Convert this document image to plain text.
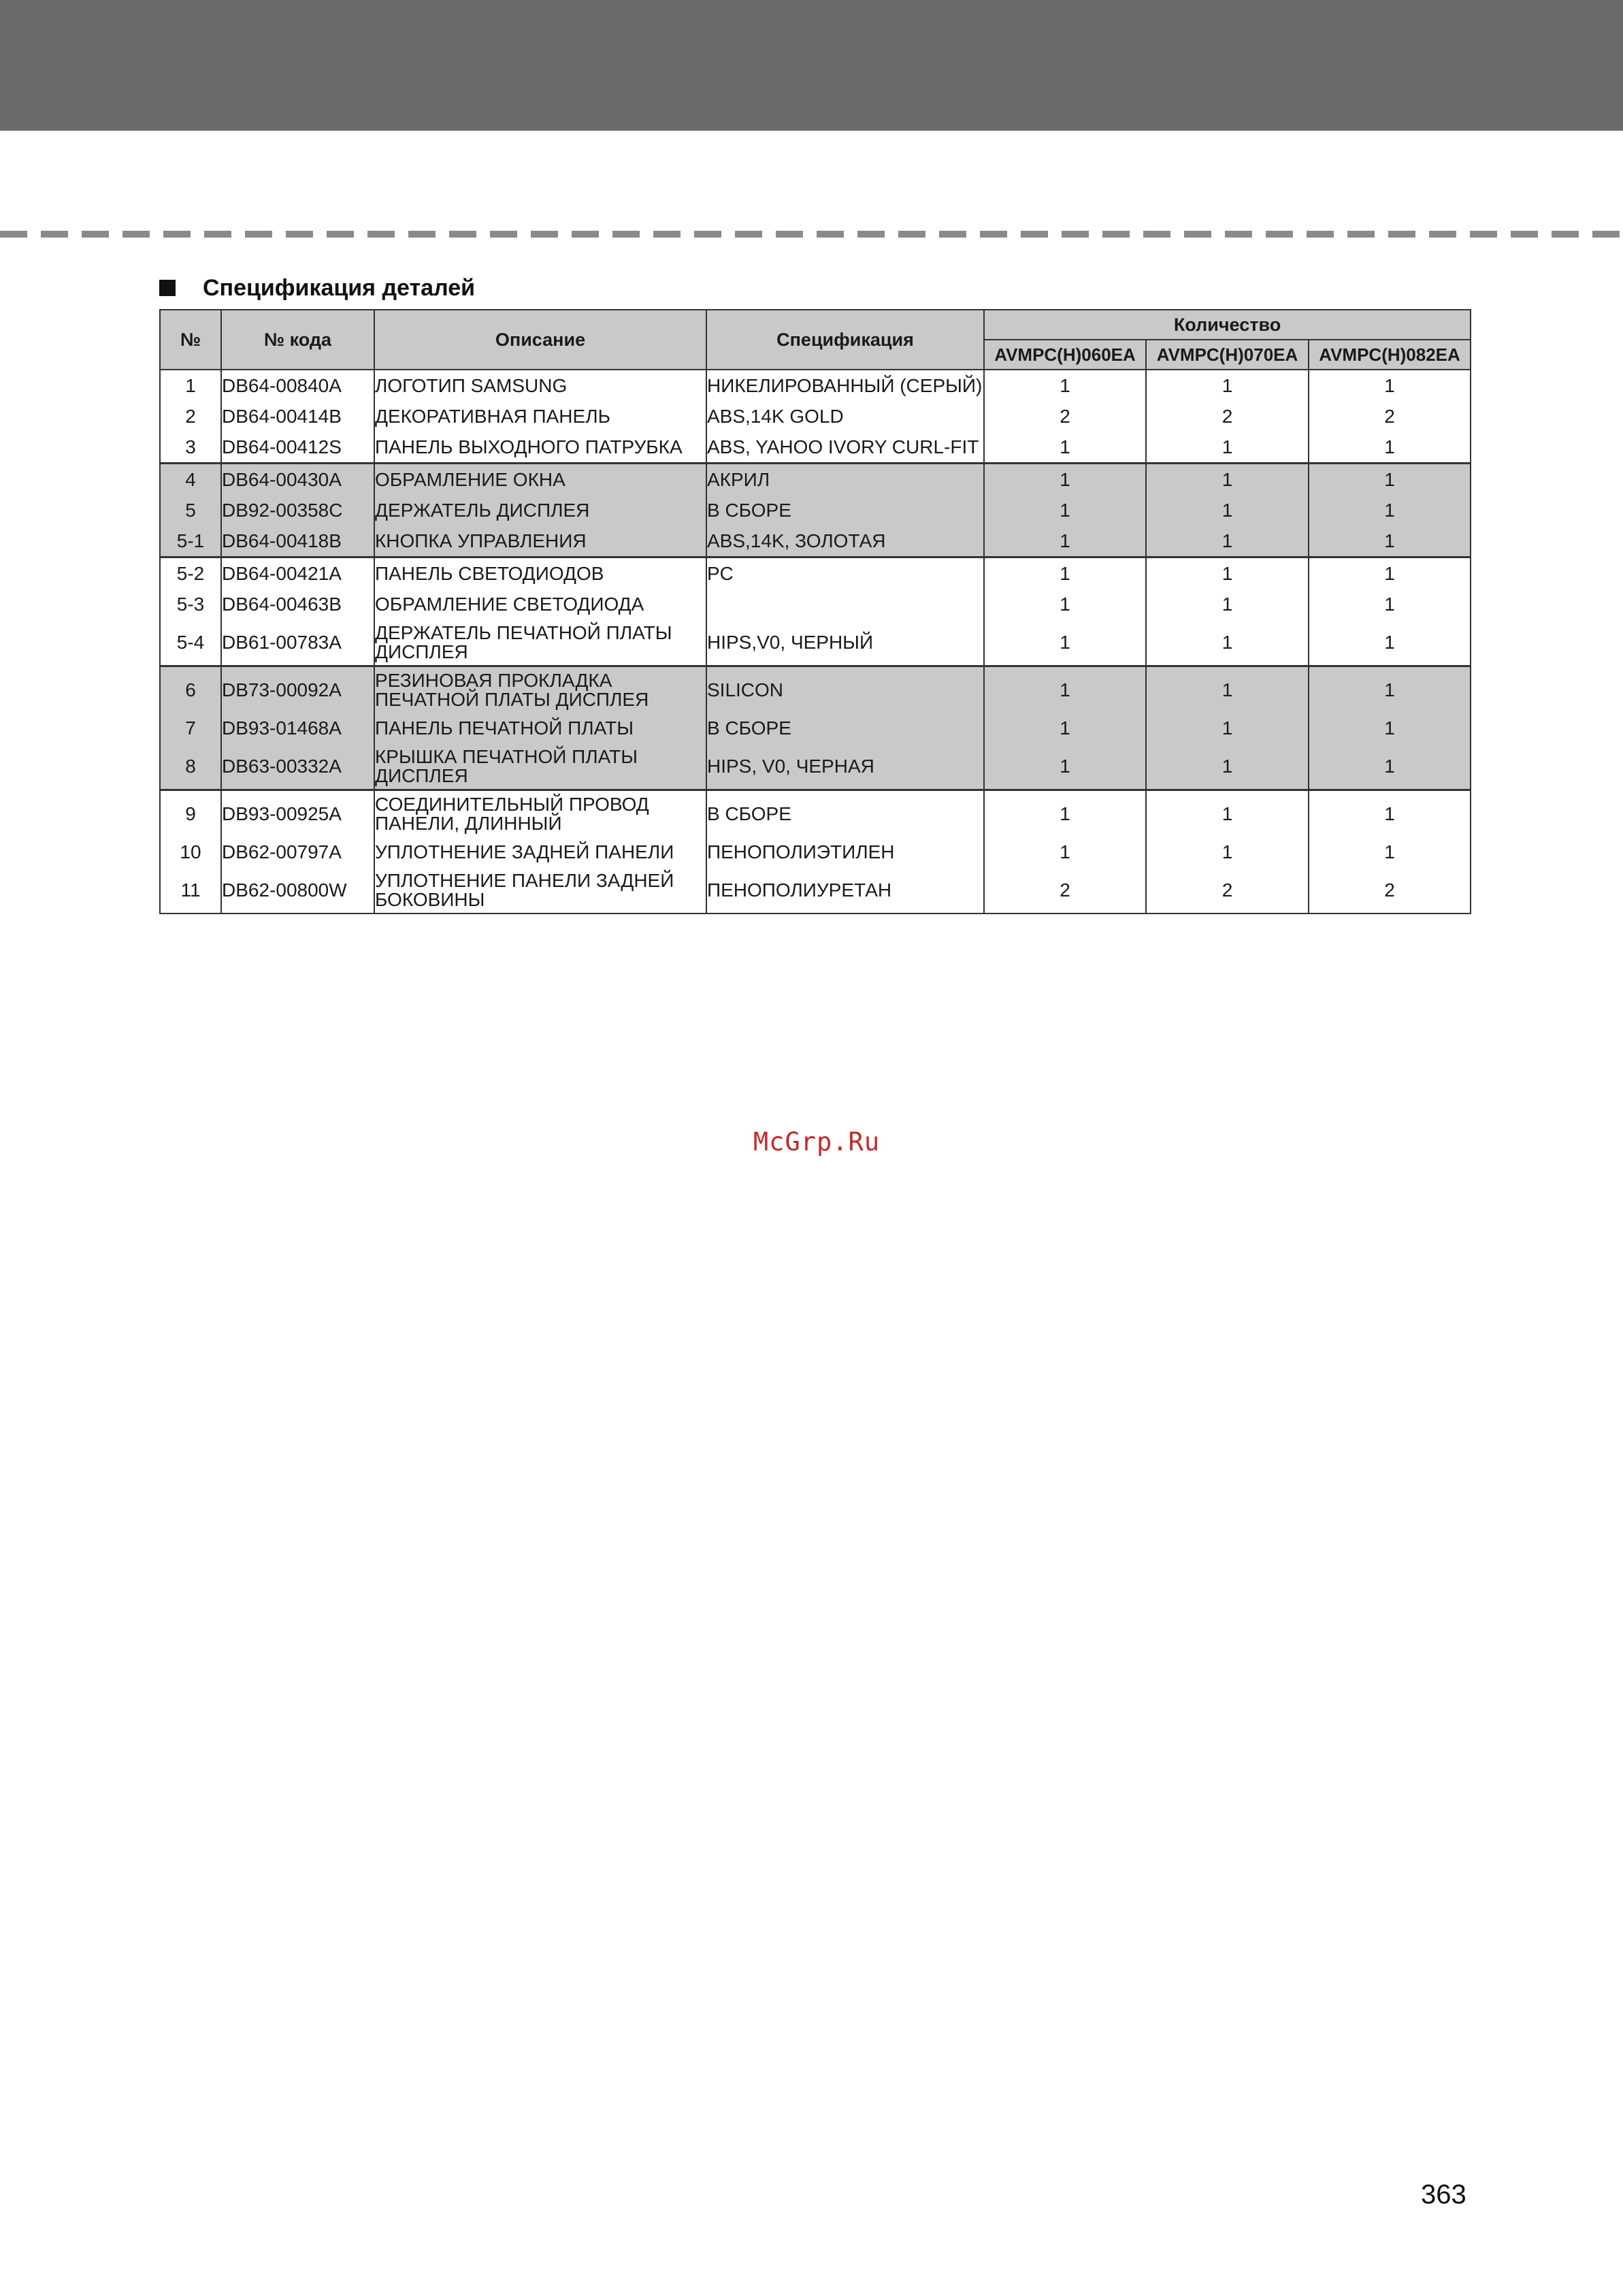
Спецификация деталей
№	№ кода	Описание	Спецификация	Количество		
				AVMPC(H)060EA	AVMPC(H)070EA	AVMPC(H)082EA
1	DB64-00840A	ЛОГОТИП SAMSUNG	НИКЕЛИРОВАННЫЙ (СЕРЫЙ)	1	1	1
2	DB64-00414B	ДЕКОРАТИВНАЯ ПАНЕЛЬ	ABS,14K GOLD	2	2	2
3	DB64-00412S	ПАНЕЛЬ ВЫХОДНОГО ПАТРУБКА	ABS, YAHOO IVORY CURL-FIT	1	1	1
4	DB64-00430A	ОБРАМЛЕНИЕ ОКНА	АКРИЛ	1	1	1
5	DB92-00358C	ДЕРЖАТЕЛЬ ДИСПЛЕЯ	В СБОРЕ	1	1	1
5-1	DB64-00418B	КНОПКА УПРАВЛЕНИЯ	ABS,14K, ЗОЛОТАЯ	1	1	1
5-2	DB64-00421A	ПАНЕЛЬ СВЕТОДИОДОВ	PC	1	1	1
5-3	DB64-00463B	ОБРАМЛЕНИЕ СВЕТОДИОДА		1	1	1
5-4	DB61-00783A	ДЕРЖАТЕЛЬ ПЕЧАТНОЙ ПЛАТЫ ДИСПЛЕЯ	HIPS,V0, ЧЕРНЫЙ	1	1	1
6	DB73-00092A	РЕЗИНОВАЯ ПРОКЛАДКА ПЕЧАТНОЙ ПЛАТЫ ДИСПЛЕЯ	SILICON	1	1	1
7	DB93-01468A	ПАНЕЛЬ ПЕЧАТНОЙ ПЛАТЫ	В СБОРЕ	1	1	1
8	DB63-00332A	КРЫШКА ПЕЧАТНОЙ ПЛАТЫ ДИСПЛЕЯ	HIPS, V0, ЧЕРНАЯ	1	1	1
9	DB93-00925A	СОЕДИНИТЕЛЬНЫЙ ПРОВОД ПАНЕЛИ, ДЛИННЫЙ	В СБОРЕ	1	1	1
10	DB62-00797A	УПЛОТНЕНИЕ ЗАДНЕЙ ПАНЕЛИ	ПЕНОПОЛИЭТИЛЕН	1	1	1
11	DB62-00800W	УПЛОТНЕНИЕ ПАНЕЛИ ЗАДНЕЙ БОКОВИНЫ	ПЕНОПОЛИУРЕТАН	2	2	2
McGrp.Ru
363
